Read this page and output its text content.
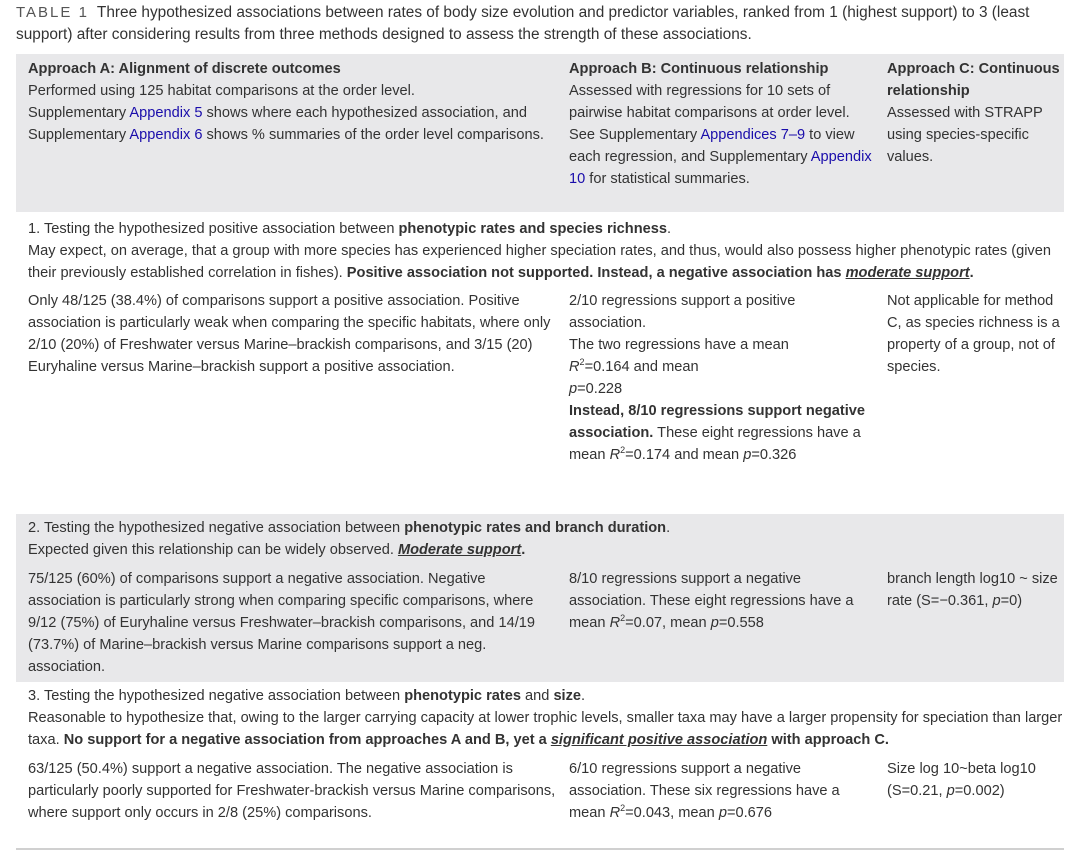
TABLE 1 Three hypothesized associations between rates of body size evolution and predictor variables, ranked from 1 (highest support) to 3 (least support) after considering results from three methods designed to assess the strength of these associations.
Approach A: Alignment of discrete outcomes
Performed using 125 habitat comparisons at the order level.
Supplementary Appendix 5 shows where each hypothesized association, and Supplementary Appendix 6 shows % summaries of the order level comparisons.
Approach B: Continuous relationship
Assessed with regressions for 10 sets of pairwise habitat comparisons at order level.
See Supplementary Appendices 7–9 to view each regression, and Supplementary Appendix 10 for statistical summaries.
Approach C: Continuous relationship
Assessed with STRAPP using species-specific values.
1. Testing the hypothesized positive association between phenotypic rates and species richness.
May expect, on average, that a group with more species has experienced higher speciation rates, and thus, would also possess higher phenotypic rates (given their previously established correlation in fishes). Positive association not supported. Instead, a negative association has moderate support.
Only 48/125 (38.4%) of comparisons support a positive association. Positive association is particularly weak when comparing the specific habitats, where only 2/10 (20%) of Freshwater versus Marine–brackish comparisons, and 3/15 (20) Euryhaline versus Marine–brackish support a positive association.
2/10 regressions support a positive association.
The two regressions have a mean
$R^2=0.164$ and mean
p=0.228
Instead, 8/10 regressions support negative association. These eight regressions have a mean $R^2=0.174$ and mean p=0.326
Not applicable for method C, as species richness is a property of a group, not of species.
2. Testing the hypothesized negative association between phenotypic rates and branch duration.
Expected given this relationship can be widely observed. Moderate support.
75/125 (60%) of comparisons support a negative association. Negative association is particularly strong when comparing specific comparisons, where 9/12 (75%) of Euryhaline versus Freshwater–brackish comparisons, and 14/19 (73.7%) of Marine–brackish versus Marine comparisons support a neg. association.
8/10 regressions support a negative association. These eight regressions have a mean $R^2=0.07$, mean p=0.558
branch length log10 ~ size rate (S=−0.361, p=0)
3. Testing the hypothesized negative association between phenotypic rates and size.
Reasonable to hypothesize that, owing to the larger carrying capacity at lower trophic levels, smaller taxa may have a larger propensity for speciation than larger taxa. No support for a negative association from approaches A and B, yet a significant positive association with approach C.
63/125 (50.4%) support a negative association. The negative association is particularly poorly supported for Freshwater-brackish versus Marine comparisons, where support only occurs in 2/8 (25%) comparisons.
6/10 regressions support a negative association. These six regressions have a mean $R^2=0.043$, mean p=0.676
Size log 10~beta log10 (S=0.21, p=0.002)
